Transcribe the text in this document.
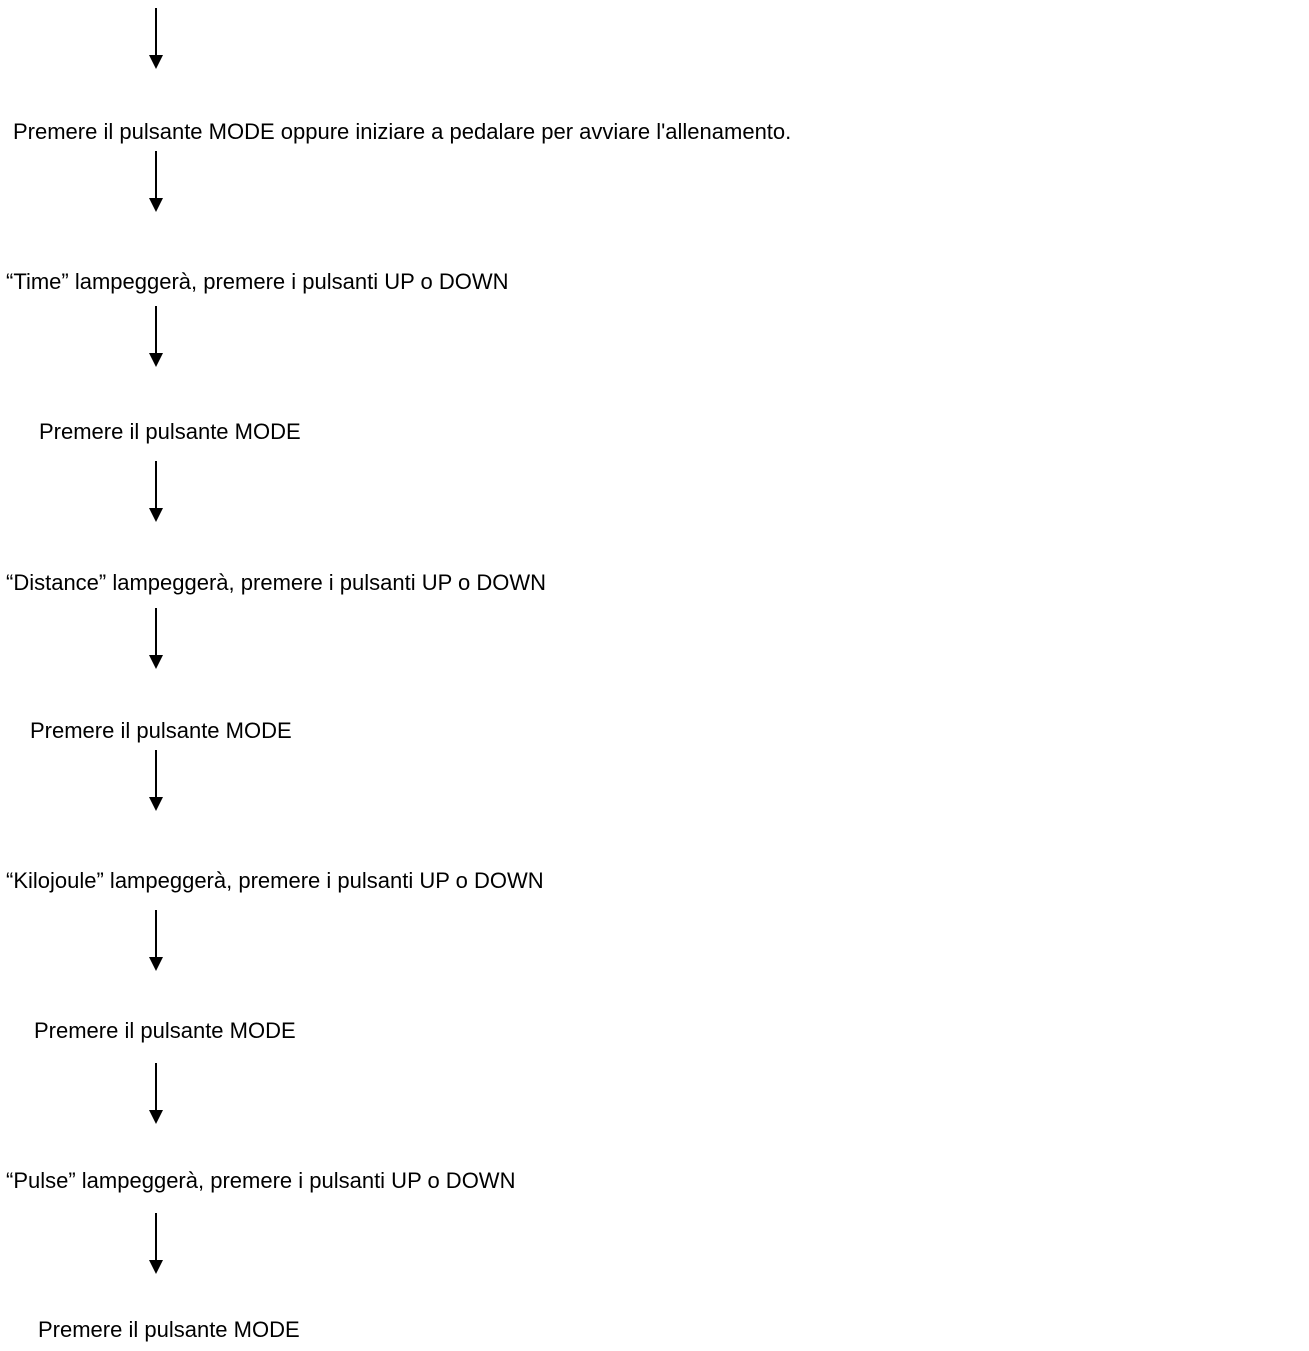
Premere il pulsante MODE oppure iniziare a pedalare per avviare l'allenamento.

“Time” lampeggerà, premere i pulsanti UP o DOWN

Premere il pulsante MODE

“Distance” lampeggerà, premere i pulsanti UP o DOWN

Premere il pulsante MODE

“Kilojoule” lampeggerà, premere i pulsanti UP o DOWN

Premere il pulsante MODE

“Pulse” lampeggerà, premere i pulsanti UP o DOWN

Premere il pulsante MODE
